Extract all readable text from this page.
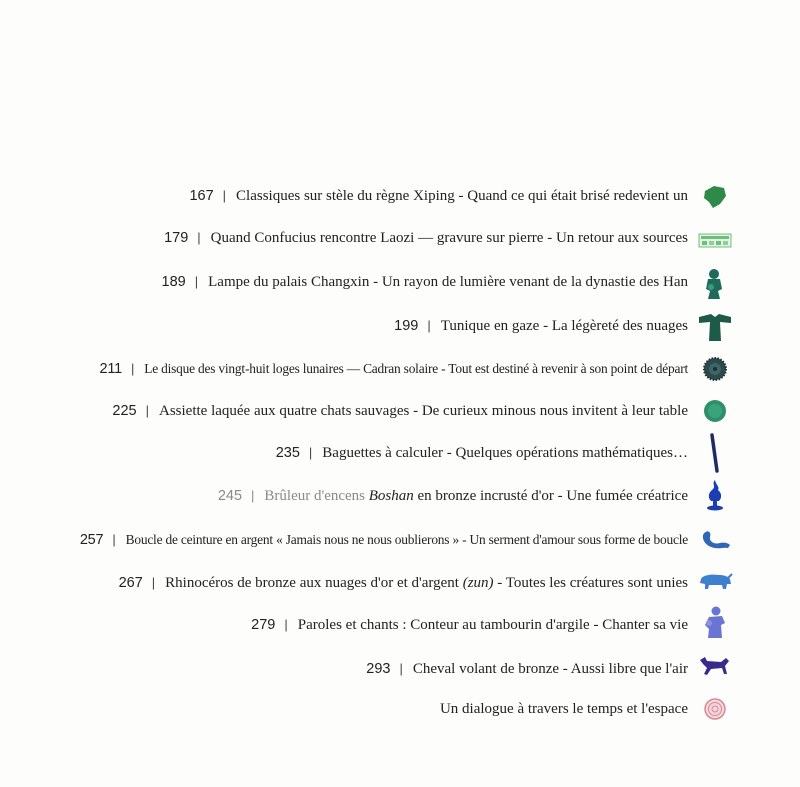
167 | Classiques sur stèle du règne Xiping - Quand ce qui était brisé redevient un
179 | Quand Confucius rencontre Laozi — gravure sur pierre - Un retour aux sources
189 | Lampe du palais Changxin - Un rayon de lumière venant de la dynastie des Han
199 | Tunique en gaze - La légèreté des nuages
211 | Le disque des vingt-huit loges lunaires — Cadran solaire - Tout est destiné à revenir à son point de départ
225 | Assiette laquée aux quatre chats sauvages - De curieux minous nous invitent à leur table
235 | Baguettes à calculer - Quelques opérations mathématiques…
245 | Brûleur d'encens Boshan en bronze incrusté d'or - Une fumée créatrice
257 | Boucle de ceinture en argent « Jamais nous ne nous oublierons » - Un serment d'amour sous forme de boucle
267 | Rhinocéros de bronze aux nuages d'or et d'argent (zun) - Toutes les créatures sont unies
279 | Paroles et chants : Conteur au tambourin d'argile - Chanter sa vie
293 | Cheval volant de bronze - Aussi libre que l'air
Un dialogue à travers le temps et l'espace
